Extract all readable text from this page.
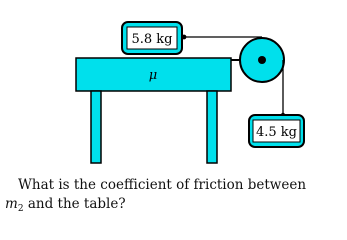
μ
5.8 kg
4.5 kg
What is the coefficient of friction between
$m_2$ and the table?
